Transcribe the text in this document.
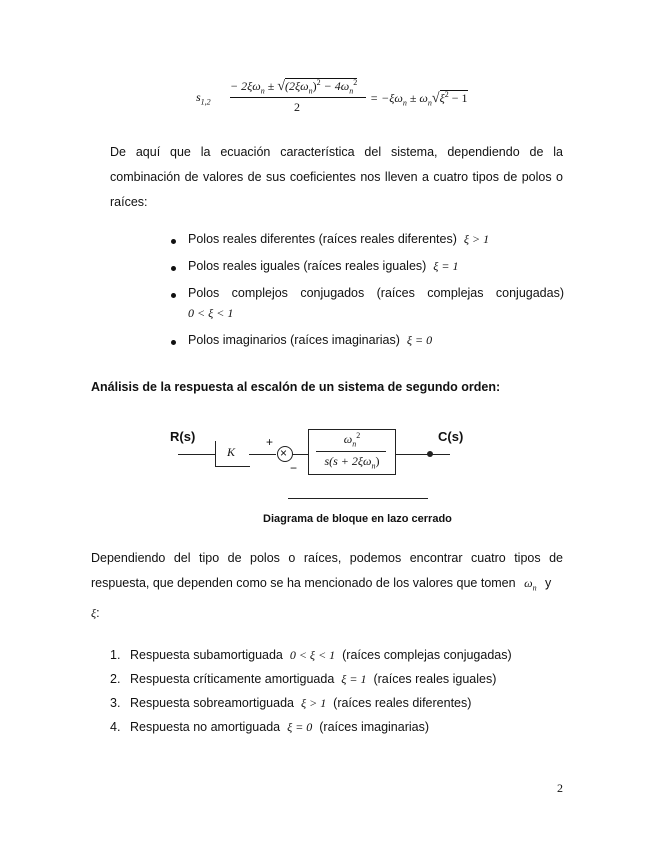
$s_{1,2}$
− $2\xi\omega_n \pm √(2\xi\omega_n)^2 - 4\omega_n^2$
2
= $-\xi\omega_n \pm \omega_n√\xi^2 - 1$
De aquí que la ecuación característica del sistema, dependiendo de la
combinación de valores de sus coeficientes nos lleven a cuatro tipos de polos o
raíces:
Polos reales diferentes (raíces reales diferentes) ξ > 1
Polos reales iguales (raíces reales iguales) ξ = 1
Polos complejos conjugados (raíces complejas conjugadas)
0 < ξ < 1
Polos imaginarios (raíces imaginarias) ξ = 0
Análisis de la respuesta al escalón de un sistema de segundo orden:
R(s)
K
+
×
−
$\omega_n^2$
$s(s + 2\xi\omega_n)$
C(s)
Diagrama de bloque en lazo cerrado
Dependiendo del tipo de polos o raíces, podemos encontrar cuatro tipos de
respuesta, que dependen como se ha mencionado de los valores que tomen $\omega_n$ y
ξ:
1. Respuesta subamortiguada 0 < ξ < 1 (raíces complejas conjugadas)
2. Respuesta críticamente amortiguada ξ = 1 (raíces reales iguales)
3. Respuesta sobreamortiguada ξ > 1 (raíces reales diferentes)
4. Respuesta no amortiguada ξ = 0 (raíces imaginarias)
2
